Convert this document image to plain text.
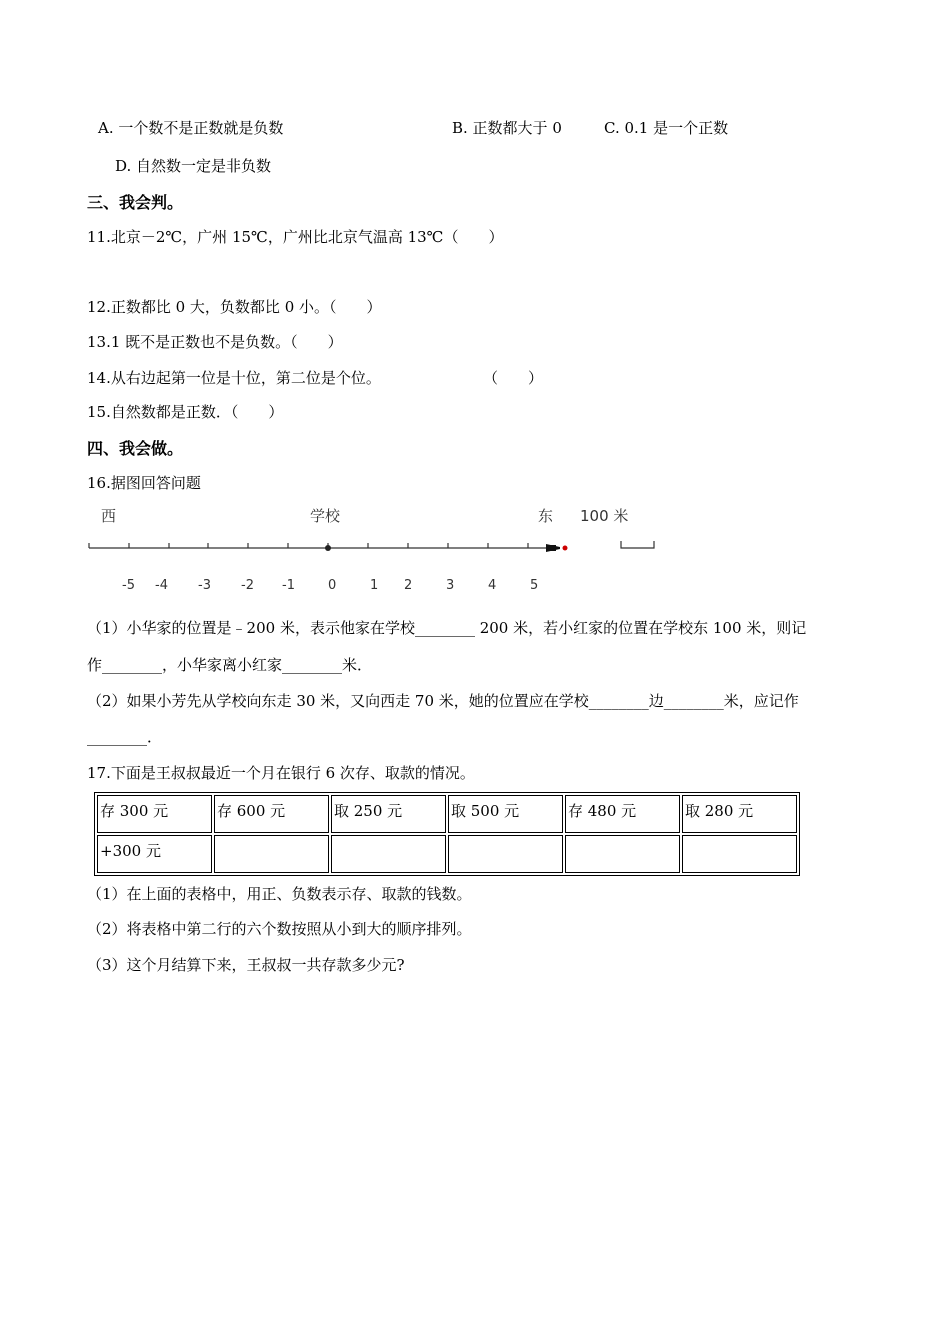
A. 一个数不是正数就是负数	B. 正数都大于 0	C. 0.1 是一个正数
D. 自然数一定是非负数
三、我会判。
11.北京－2℃，广州 15℃，广州比北京气温高 13℃（　　）
12.正数都比 0 大，负数都比 0 小。（　　）
13.1 既不是正数也不是负数。（　　）
14.从右边起第一位是十位，第二位是个位。	（　　）
15.自然数都是正数．（　　）
四、我会做。
16.据图回答问题
西	学校	东 100 米
-5 -4 -3 -2 -1	0	1 2	3	4	5
（1）小华家的位置是﹣200 米，表示他家在学校________ 200 米，若小红家的位置在学校东 100 米，则记
作________，小华家离小红家________米．
（2）如果小芳先从学校向东走 30 米，又向西走 70 米，她的位置应在学校________边________米，应记作
________．
17.下面是王叔叔最近一个月在银行 6 次存、取款的情况。
存 300 元	存 600 元	取 250 元	取 500 元	存 480 元	取 280 元
+300 元					
（1）在上面的表格中，用正、负数表示存、取款的钱数。
（2）将表格中第二行的六个数按照从小到大的顺序排列。
（3）这个月结算下来，王叔叔一共存款多少元?
